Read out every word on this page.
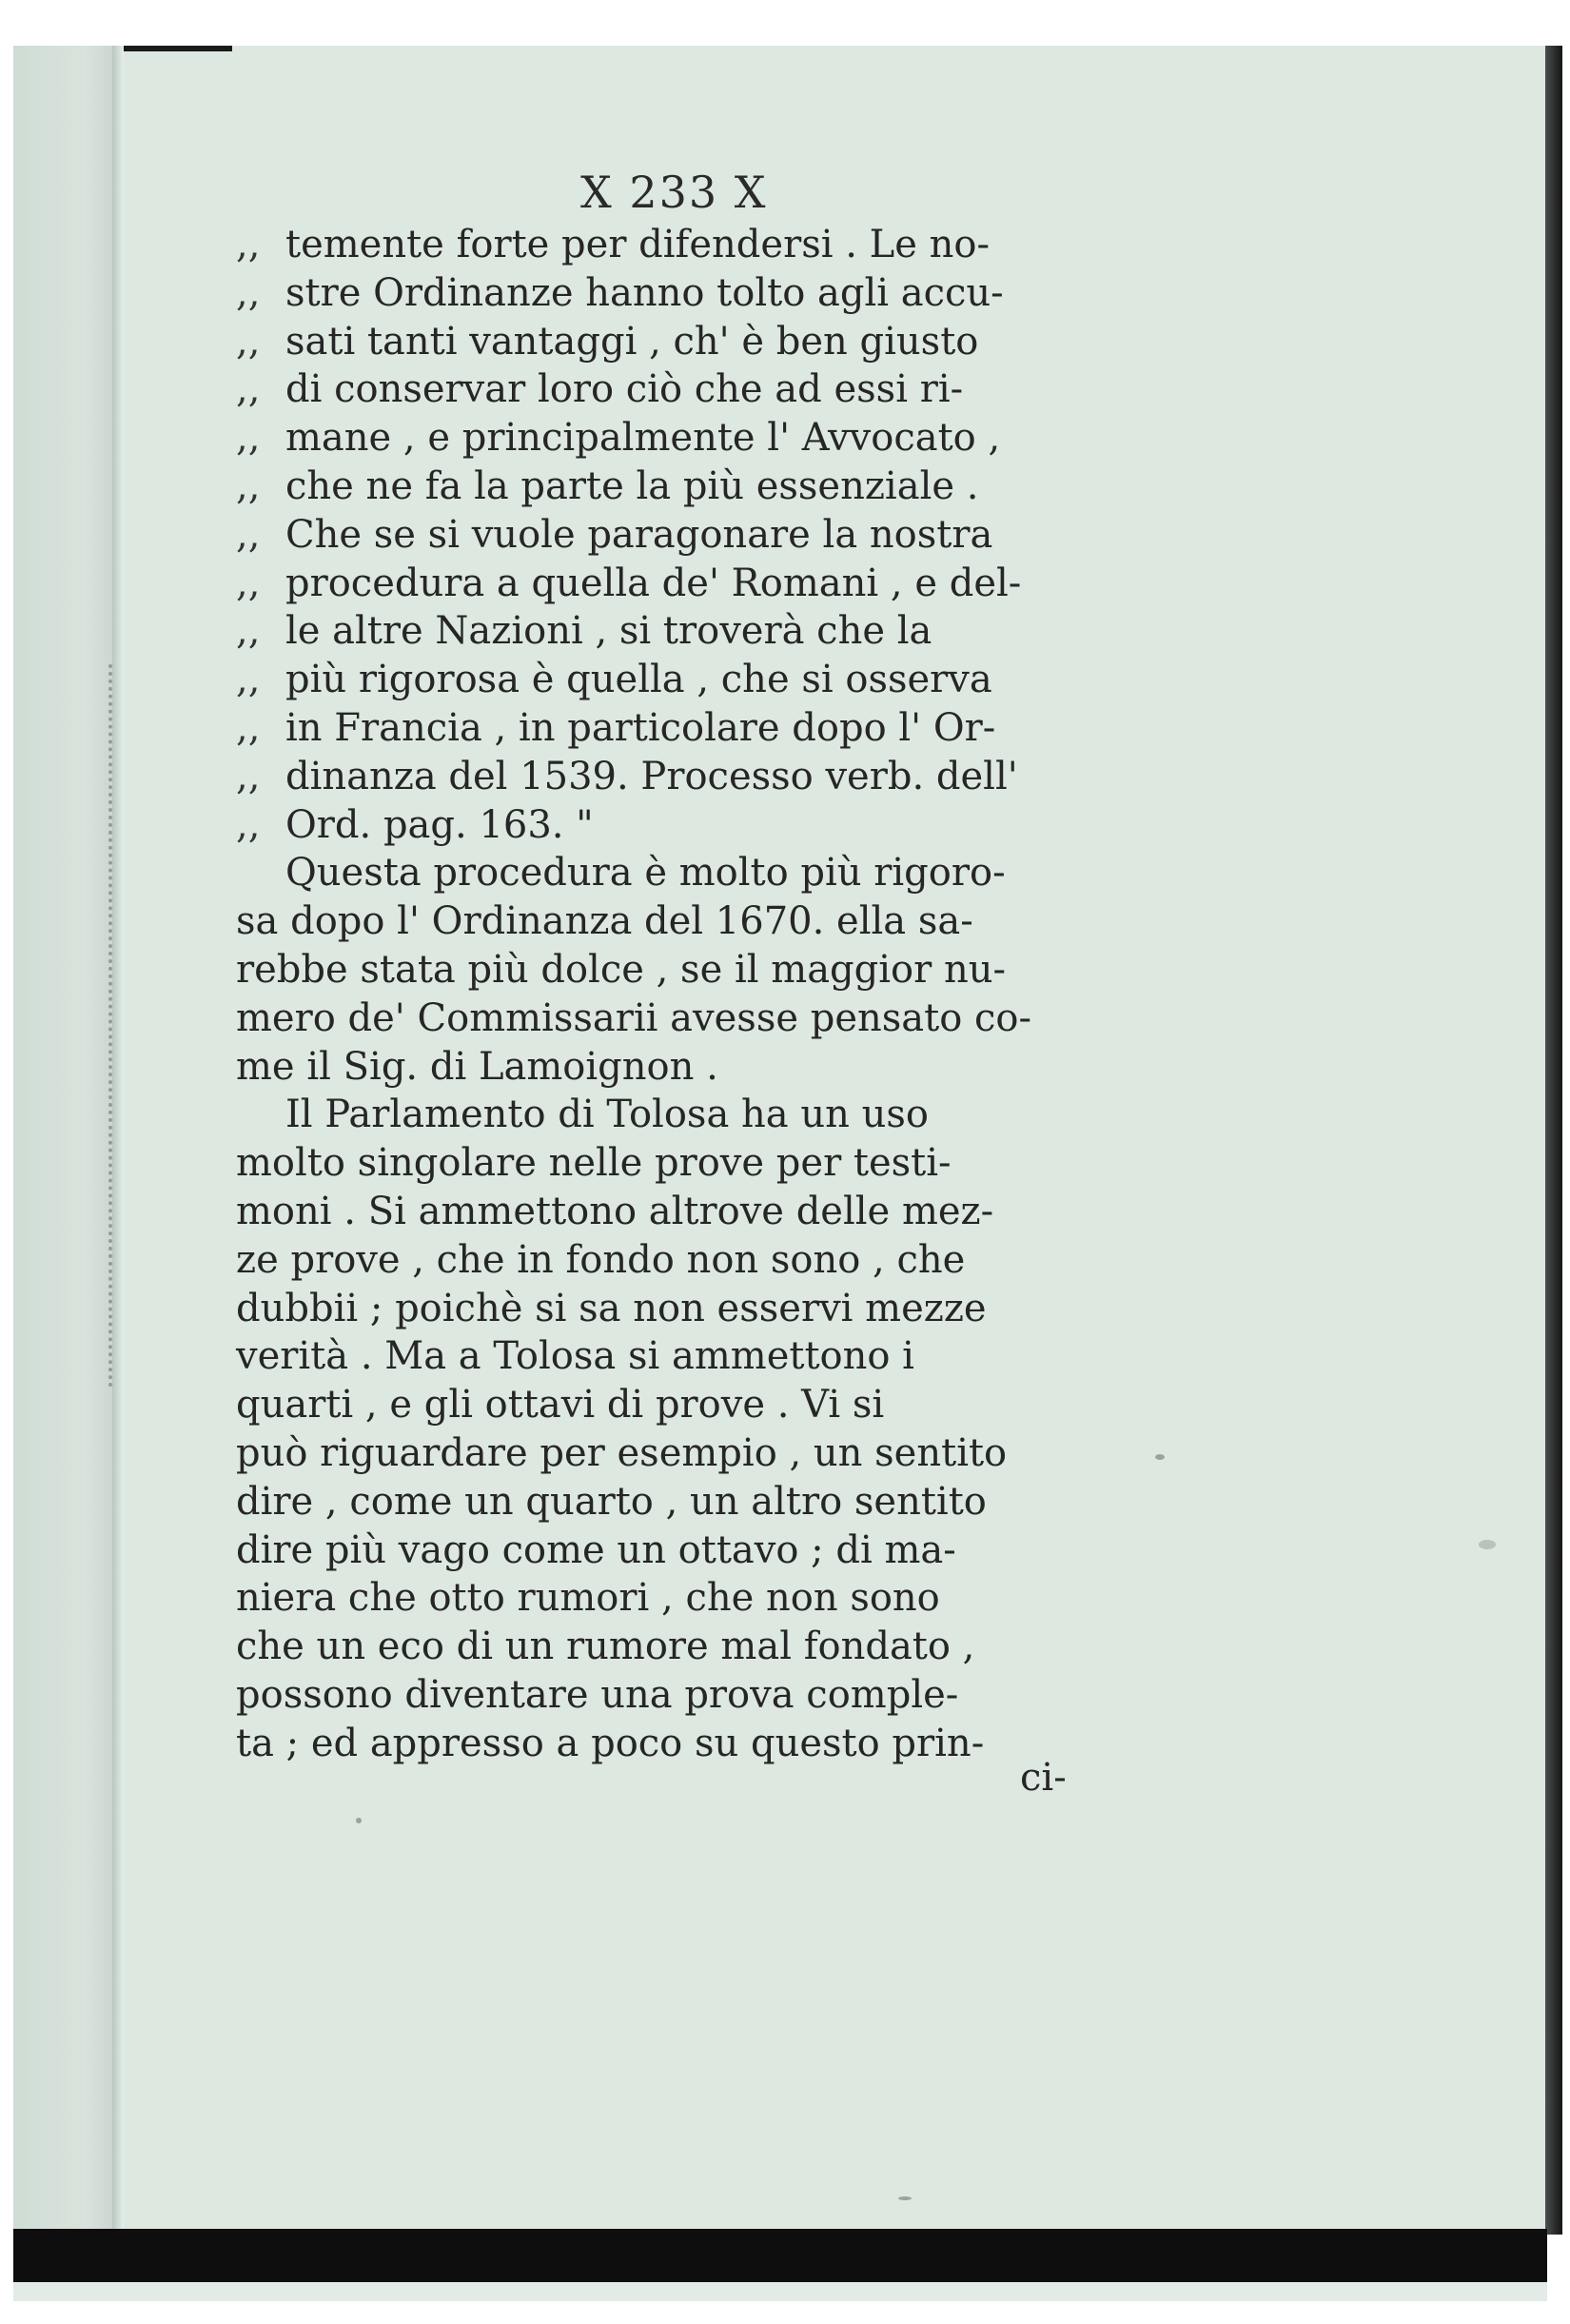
X 233 X
,, temente forte per difendersi . Le no-
,, stre Ordinanze hanno tolto agli accu-
,, sati tanti vantaggi , ch' è ben giusto
,, di conservar loro ciò che ad essi ri-
,, mane , e principalmente l' Avvocato ,
,, che ne fa la parte la più essenziale .
,, Che se si vuole paragonare la nostra
,, procedura a quella de' Romani , e del-
,, le altre Nazioni , si troverà che la
,, più rigorosa è quella , che si osserva
,, in Francia , in particolare dopo l' Or-
,, dinanza del 1539. Processo verb. dell'
,, Ord. pag. 163. "
Questa procedura è molto più rigoro-
sa dopo l' Ordinanza del 1670. ella sa-
rebbe stata più dolce , se il maggior nu-
mero de' Commissarii avesse pensato co-
me il Sig. di Lamoignon .
Il Parlamento di Tolosa ha un uso
molto singolare nelle prove per testi-
moni . Si ammettono altrove delle mez-
ze prove , che in fondo non sono , che
dubbii ; poichè si sa non esservi mezze
verità . Ma a Tolosa si ammettono i
quarti , e gli ottavi di prove . Vi si
può riguardare per esempio , un sentito
dire , come un quarto , un altro sentito
dire più vago come un ottavo ; di ma-
niera che otto rumori , che non sono
che un eco di un rumore mal fondato ,
possono diventare una prova comple-
ta ; ed appresso a poco su questo prin-
ci-
